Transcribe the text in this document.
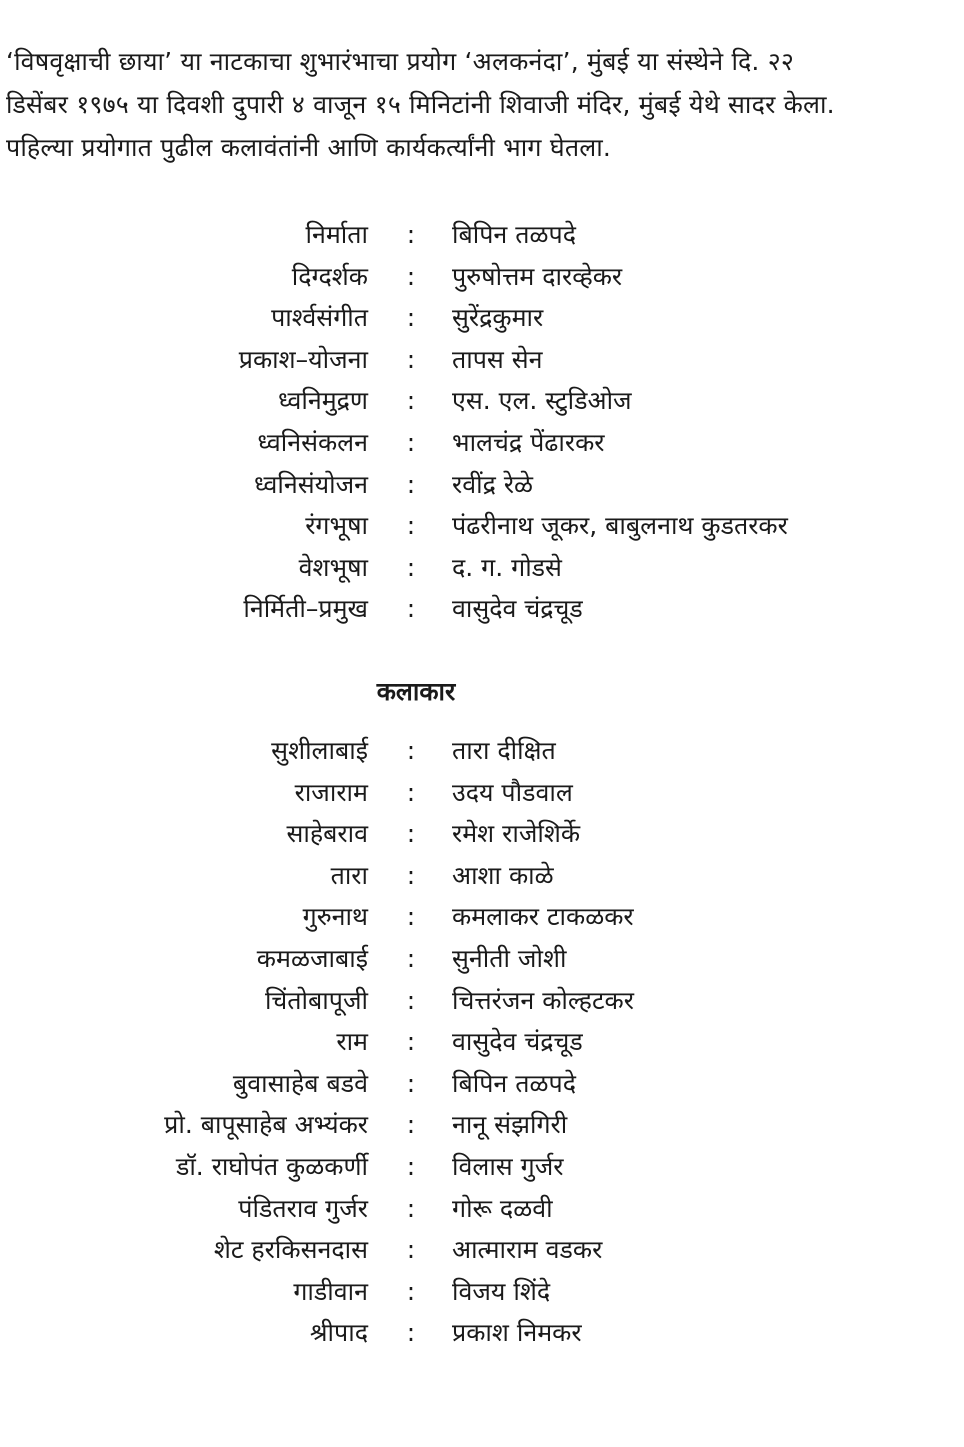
‘विषवृक्षाची छाया’ या नाटकाचा शुभारंभाचा प्रयोग ‘अलकनंदा’, मुंबई या संस्थेने दि. २२ डिसेंबर १९७५ या दिवशी दुपारी ४ वाजून १५ मिनिटांनी शिवाजी मंदिर, मुंबई येथे सादर केला. पहिल्या प्रयोगात पुढील कलावंतांनी आणि कार्यकर्त्यांनी भाग घेतला.

निर्माता : बिपिन तळपदे
दिग्दर्शक : पुरुषोत्तम दारव्हेकर
पार्श्वसंगीत : सुरेंद्रकुमार
प्रकाश–योजना : तापस सेन
ध्वनिमुद्रण : एस. एल. स्टुडिओज
ध्वनिसंकलन : भालचंद्र पेंढारकर
ध्वनिसंयोजन : रवींद्र रेळे
रंगभूषा : पंढरीनाथ जूकर, बाबुलनाथ कुडतरकर
वेशभूषा : द. ग. गोडसे
निर्मिती–प्रमुख : वासुदेव चंद्रचूड
कलाकार
सुशीलाबाई : तारा दीक्षित
राजाराम : उदय पौडवाल
साहेबराव : रमेश राजेशिर्के
तारा : आशा काळे
गुरुनाथ : कमलाकर टाकळकर
कमळजाबाई : सुनीती जोशी
चिंतोबापूजी : चित्तरंजन कोल्हटकर
राम : वासुदेव चंद्रचूड
बुवासाहेब बडवे : बिपिन तळपदे
प्रो. बापूसाहेब अभ्यंकर : नानू संझगिरी
डॉ. राघोपंत कुळकर्णी : विलास गुर्जर
पंडितराव गुर्जर : गोरू दळवी
शेट हरकिसनदास : आत्माराम वडकर
गाडीवान : विजय शिंदे
श्रीपाद : प्रकाश निमकर
